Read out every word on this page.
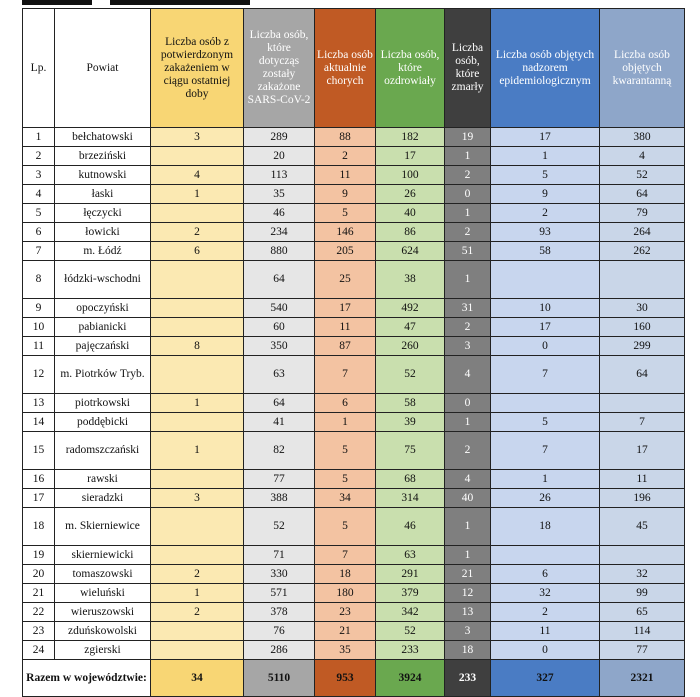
Lp.	Powiat	Liczba osób z potwierdzonym zakażeniem w ciągu ostatniej doby	Liczba osób, które dotycząs zostały zakażone SARS-CoV-2	Liczba osób aktualnie chorych	Liczba osób, które ozdrowiały	Liczba osób, które zmarły	Liczba osób objętych nadzorem epidemiologicznym	Liczba osób objętych kwarantanną
1	bełchatowski	3	289	88	182	19	17	380
2	brzeziński		20	2	17	1	1	4
3	kutnowski	4	113	11	100	2	5	52
4	łaski	1	35	9	26	0	9	64
5	łęczycki		46	5	40	1	2	79
6	łowicki	2	234	146	86	2	93	264
7	m. Łódź	6	880	205	624	51	58	262
8	łódzki-wschodni		64	25	38	1		
9	opoczyński		540	17	492	31	10	30
10	pabianicki		60	11	47	2	17	160
11	pajęczański	8	350	87	260	3	0	299
12	m. Piotrków Tryb.		63	7	52	4	7	64
13	piotrkowski	1	64	6	58	0		
14	poddębicki		41	1	39	1	5	7
15	radomszczański	1	82	5	75	2	7	17
16	rawski		77	5	68	4	1	11
17	sieradzki	3	388	34	314	40	26	196
18	m. Skierniewice		52	5	46	1	18	45
19	skierniewicki		71	7	63	1		
20	tomaszowski	2	330	18	291	21	6	32
21	wieluński	1	571	180	379	12	32	99
22	wieruszowski	2	378	23	342	13	2	65
23	zduńskowolski		76	21	52	3	11	114
24	zgierski		286	35	233	18	0	77
Razem w województwie:		34	5110	953	3924	233	327	2321
